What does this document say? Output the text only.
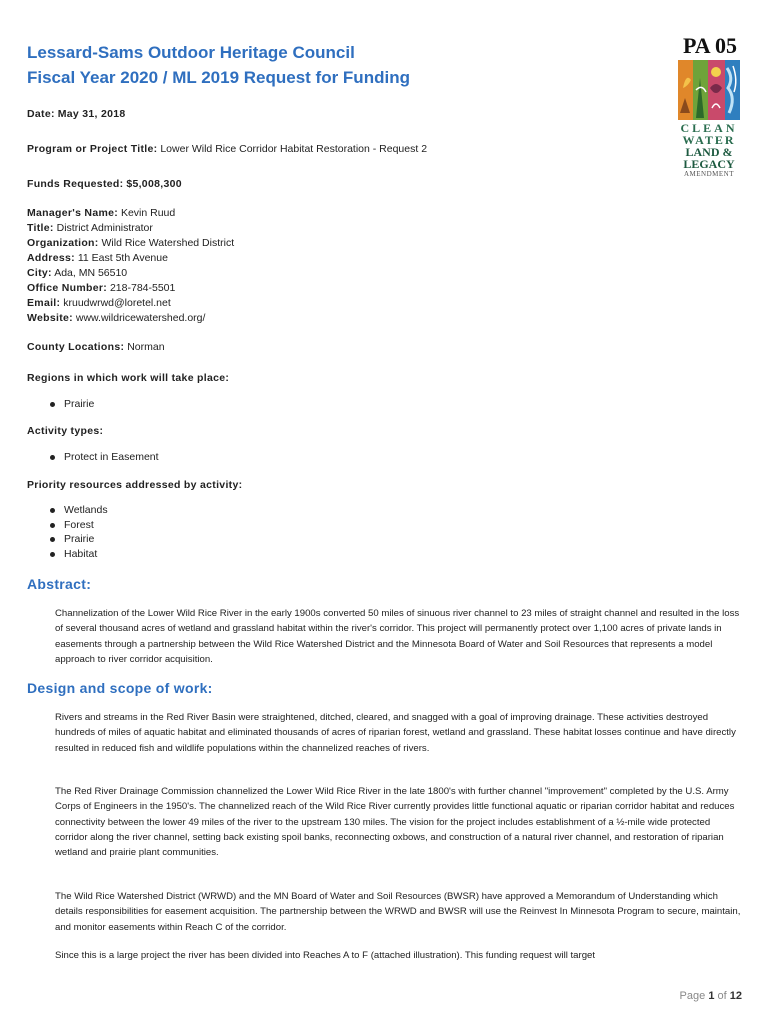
Lessard-Sams Outdoor Heritage Council
Fiscal Year 2020 / ML 2019 Request for Funding
PA 05
CLEAN
WATER
LAND &
LEGACY
AMENDMENT
Date: May 31, 2018
Program or Project Title: Lower Wild Rice Corridor Habitat Restoration - Request 2
Funds Requested: $5,008,300
Manager's Name: Kevin Ruud
Title: District Administrator
Organization: Wild Rice Watershed District
Address: 11 East 5th Avenue
City: Ada, MN 56510
Office Number: 218-784-5501
Email: kruudwrwd@loretel.net
Website: www.wildricewatershed.org/
County Locations: Norman
Regions in which work will take place:
Prairie
Activity types:
Protect in Easement
Priority resources addressed by activity:
Wetlands
Forest
Prairie
Habitat
Abstract:
Channelization of the Lower Wild Rice River in the early 1900s converted 50 miles of sinuous river channel to 23 miles of straight channel and resulted in the loss of several thousand acres of wetland and grassland habitat within the river's corridor. This project will permanently protect over 1,100 acres of private lands in easements through a partnership between the Wild Rice Watershed District and the Minnesota Board of Water and Soil Resources that represents a model approach to river corridor acquisition.
Design and scope of work:
Rivers and streams in the Red River Basin were straightened, ditched, cleared, and snagged with a goal of improving drainage. These activities destroyed hundreds of miles of aquatic habitat and eliminated thousands of acres of riparian forest, wetland and grassland. These habitat losses continue and have directly resulted in reduced fish and wildlife populations within the channelized reaches of rivers.
The Red River Drainage Commission channelized the Lower Wild Rice River in the late 1800's with further channel "improvement" completed by the U.S. Army Corps of Engineers in the 1950's. The channelized reach of the Wild Rice River currently provides little functional aquatic or riparian corridor habitat and reduces connectivity between the lower 49 miles of the river to the upstream 130 miles. The vision for the project includes establishment of a ½-mile wide protected corridor along the river channel, setting back existing spoil banks, reconnecting oxbows, and construction of a natural river channel, and restoration of riparian wetland and prairie plant communities.
The Wild Rice Watershed District (WRWD) and the MN Board of Water and Soil Resources (BWSR) have approved a Memorandum of Understanding which details responsibilities for easement acquisition. The partnership between the WRWD and BWSR will use the Reinvest In Minnesota Program to secure, maintain, and monitor easements within Reach C of the corridor.
Since this is a large project the river has been divided into Reaches A to F (attached illustration). This funding request will target
Page 1 of 12
